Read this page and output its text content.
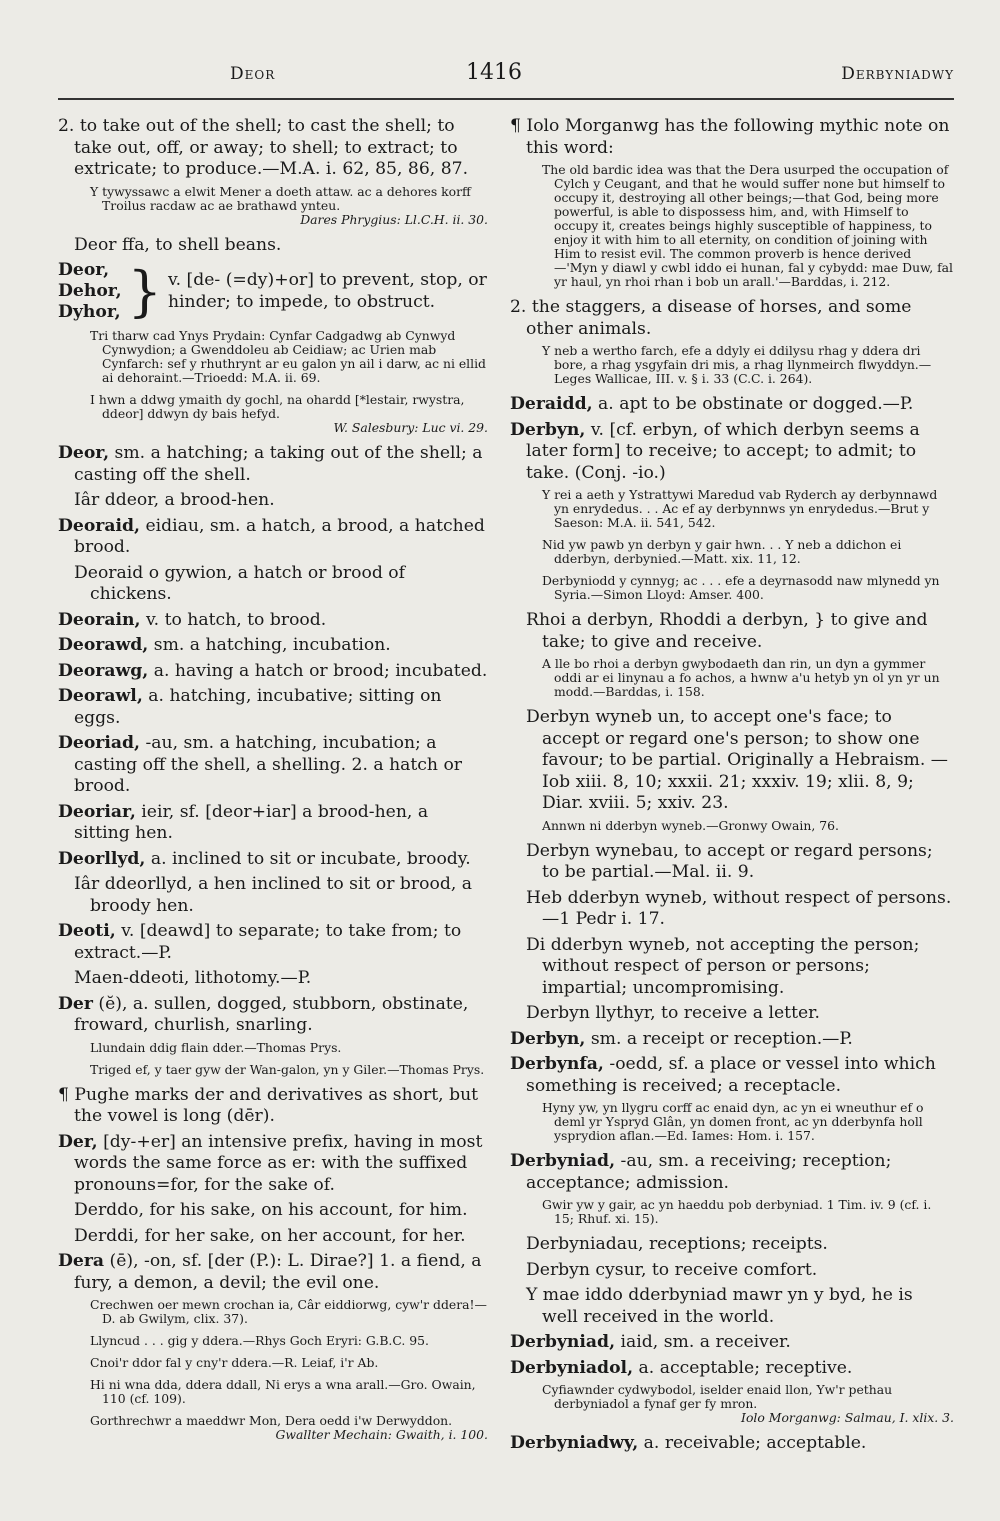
Deor	1416	Derbyniadwy
2. to take out of the shell; to cast the shell; to take out, off, or away; to shell; to extract; to extricate; to produce.—M.A. i. 62, 85, 86, 87.
Y tywyssawc a elwit Mener a doeth attaw. ac a dehores korff Troilus racdaw ac ae brathawd ynteu.
Dares Phrygius: Ll.C.H. ii. 30.
Deor ffa, to shell beans.
Deor,
Dehor,
Dyhor, } v. [de- (=dy)+or] to prevent, stop, or hinder; to impede, to obstruct.
Tri tharw cad Ynys Prydain: Cynfar Cadgadwg ab Cynwyd Cynwydion; a Gwenddoleu ab Ceidiaw; ac Urien mab Cynfarch: sef y rhuthrynt ar eu galon yn ail i darw, ac ni ellid ai dehoraint.—Trioedd: M.A. ii. 69.
I hwn a ddwg ymaith dy gochl, na ohardd [*lestair, rwystra, ddeor] ddwyn dy bais hefyd.
W. Salesbury: Luc vi. 29.
Deor, sm. a hatching; a taking out of the shell; a casting off the shell.
Iâr ddeor, a brood-hen.
Deoraid, eidiau, sm. a hatch, a brood, a hatched brood.
Deoraid o gywion, a hatch or brood of chickens.
Deorain, v. to hatch, to brood.
Deorawd, sm. a hatching, incubation.
Deorawg, a. having a hatch or brood; incubated.
Deorawl, a. hatching, incubative; sitting on eggs.
Deoriad, -au, sm. a hatching, incubation; a casting off the shell, a shelling. 2. a hatch or brood.
Deoriar, ieir, sf. [deor+iar] a brood-hen, a sitting hen.
Deorllyd, a. inclined to sit or incubate, broody.
Iâr ddeorllyd, a hen inclined to sit or brood, a broody hen.
Deoti, v. [deawd] to separate; to take from; to extract.—P.
Maen-ddeoti, lithotomy.—P.
Der (ĕ), a. sullen, dogged, stubborn, obstinate, froward, churlish, snarling.
Llundain ddig flain dder.—Thomas Prys.
Triged ef, y taer gyw der Wan-galon, yn y Giler.—Thomas Prys.
¶ Pughe marks der and derivatives as short, but the vowel is long (dēr).
Der, [dy-+er] an intensive prefix, having in most words the same force as er: with the suffixed pronouns=for, for the sake of.
Derddo, for his sake, on his account, for him.
Derddi, for her sake, on her account, for her.
Dera (ē), -on, sf. [der (P.): L. Dirae?] 1. a fiend, a fury, a demon, a devil; the evil one.
Crechwen oer mewn crochan ia, Câr eiddiorwg, cyw'r ddera!—D. ab Gwilym, clix. 37).
Llyncud . . . gig y ddera.—Rhys Goch Eryri: G.B.C. 95.
Cnoi'r ddor fal y cny'r ddera.—R. Leiaf, i'r Ab.
Hi ni wna dda, ddera ddall, Ni erys a wna arall.—Gro. Owain, 110 (cf. 109).
Gorthrechwr a maeddwr Mon, Dera oedd i'w Derwyddon.
Gwallter Mechain: Gwaith, i. 100.
¶ Iolo Morganwg has the following mythic note on this word:
The old bardic idea was that the Dera usurped the occupation of Cylch y Ceugant, and that he would suffer none but himself to occupy it, destroying all other beings;—that God, being more powerful, is able to dispossess him, and, with Himself to occupy it, creates beings highly susceptible of happiness, to enjoy it with him to all eternity, on condition of joining with Him to resist evil. The common proverb is hence derived—'Myn y diawl y cwbl iddo ei hunan, fal y cybydd: mae Duw, fal yr haul, yn rhoi rhan i bob un arall.'—Barddas, i. 212.
2. the staggers, a disease of horses, and some other animals.
Y neb a wertho farch, efe a ddyly ei ddilysu rhag y ddera dri bore, a rhag ysgyfain dri mis, a rhag llynmeirch flwyddyn.—Leges Wallicae, III. v. § i. 33 (C.C. i. 264).
Deraidd, a. apt to be obstinate or dogged.—P.
Derbyn, v. [cf. erbyn, of which derbyn seems a later form] to receive; to accept; to admit; to take. (Conj. -io.)
Y rei a aeth y Ystrattywi Maredud vab Ryderch ay derbynnawd yn enrydedus. . . Ac ef ay derbynnws yn enrydedus.—Brut y Saeson: M.A. ii. 541, 542.
Nid yw pawb yn derbyn y gair hwn. . . Y neb a ddichon ei dderbyn, derbynied.—Matt. xix. 11, 12.
Derbyniodd y cynnyg; ac . . . efe a deyrnasodd naw mlynedd yn Syria.—Simon Lloyd: Amser. 400.
Rhoi a derbyn, Rhoddi a derbyn, } to give and take; to give and receive.
A lle bo rhoi a derbyn gwybodaeth dan rin, un dyn a gymmer oddi ar ei linynau a fo achos, a hwnw a'u hetyb yn ol yn yr un modd.—Barddas, i. 158.
Derbyn wyneb un, to accept one's face; to accept or regard one's person; to show one favour; to be partial. Originally a Hebraism. —Iob xiii. 8, 10; xxxii. 21; xxxiv. 19; xlii. 8, 9; Diar. xviii. 5; xxiv. 23.
Annwn ni dderbyn wyneb.—Gronwy Owain, 76.
Derbyn wynebau, to accept or regard persons; to be partial.—Mal. ii. 9.
Heb dderbyn wyneb, without respect of persons. —1 Pedr i. 17.
Di dderbyn wyneb, not accepting the person; without respect of person or persons; impartial; uncompromising.
Derbyn llythyr, to receive a letter.
Derbyn, sm. a receipt or reception.—P.
Derbynfa, -oedd, sf. a place or vessel into which something is received; a receptacle.
Hyny yw, yn llygru corff ac enaid dyn, ac yn ei wneuthur ef o deml yr Yspryd Glân, yn domen front, ac yn dderbynfa holl ysprydion aflan.—Ed. Iames: Hom. i. 157.
Derbyniad, -au, sm. a receiving; reception; acceptance; admission.
Gwir yw y gair, ac yn haeddu pob derbyniad. 1 Tim. iv. 9 (cf. i. 15; Rhuf. xi. 15).
Derbyniadau, receptions; receipts.
Derbyn cysur, to receive comfort.
Y mae iddo dderbyniad mawr yn y byd, he is well received in the world.
Derbyniad, iaid, sm. a receiver.
Derbyniadol, a. acceptable; receptive.
Cyfiawnder cydwybodol, iselder enaid llon, Yw'r pethau derbyniadol a fynaf ger fy mron.
Iolo Morganwg: Salmau, I. xlix. 3.
Derbyniadwy, a. receivable; acceptable.
